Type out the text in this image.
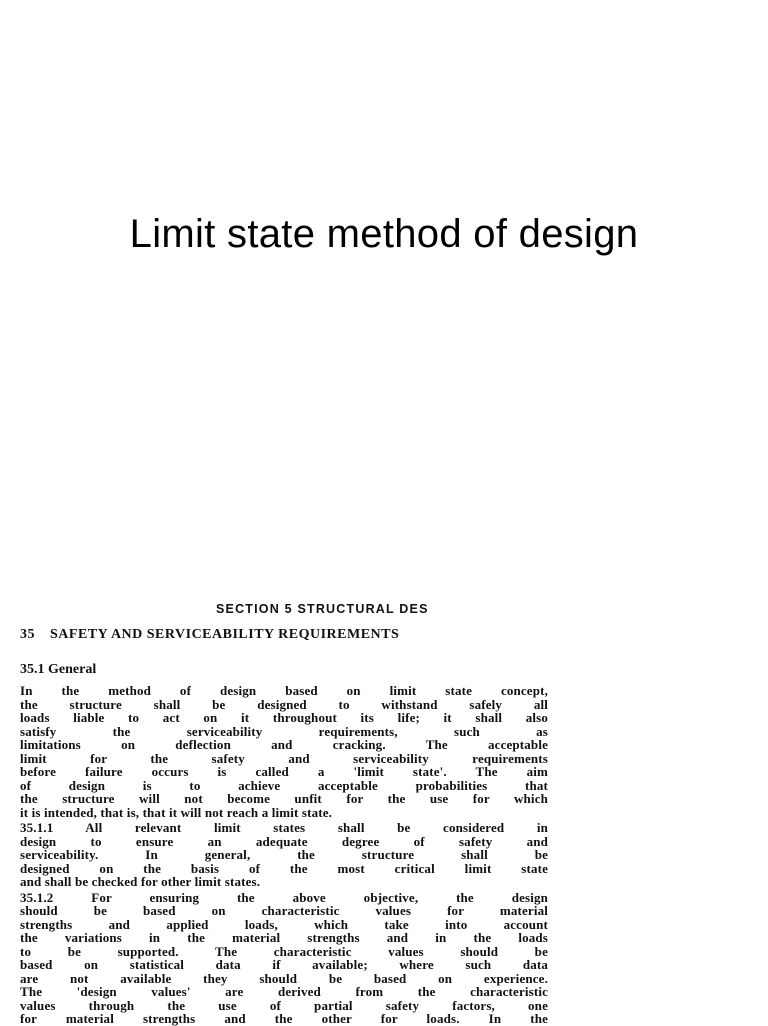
Limit state method of design
SECTION 5 STRUCTURAL DES
35 SAFETY AND SERVICEABILITY REQUIREMENTS
35.1 General
In the method of design based on limit state concept,
the structure shall be designed to withstand safely all
loads liable to act on it throughout its life; it shall also
satisfy the serviceability requirements, such as
limitations on deflection and cracking. The acceptable
limit for the safety and serviceability requirements
before failure occurs is called a 'limit state'. The aim
of design is to achieve acceptable probabilities that
the structure will not become unfit for the use for which
it is intended, that is, that it will not reach a limit state.
35.1.1 All relevant limit states shall be considered in
design to ensure an adequate degree of safety and
serviceability. In general, the structure shall be
designed on the basis of the most critical limit state
and shall be checked for other limit states.
35.1.2 For ensuring the above objective, the design
should be based on characteristic values for material
strengths and applied loads, which take into account
the variations in the material strengths and in the loads
to be supported. The characteristic values should be
based on statistical data if available; where such data
are not available they should be based on experience.
The 'design values' are derived from the characteristic
values through the use of partial safety factors, one
for material strengths and the other for loads. In the
